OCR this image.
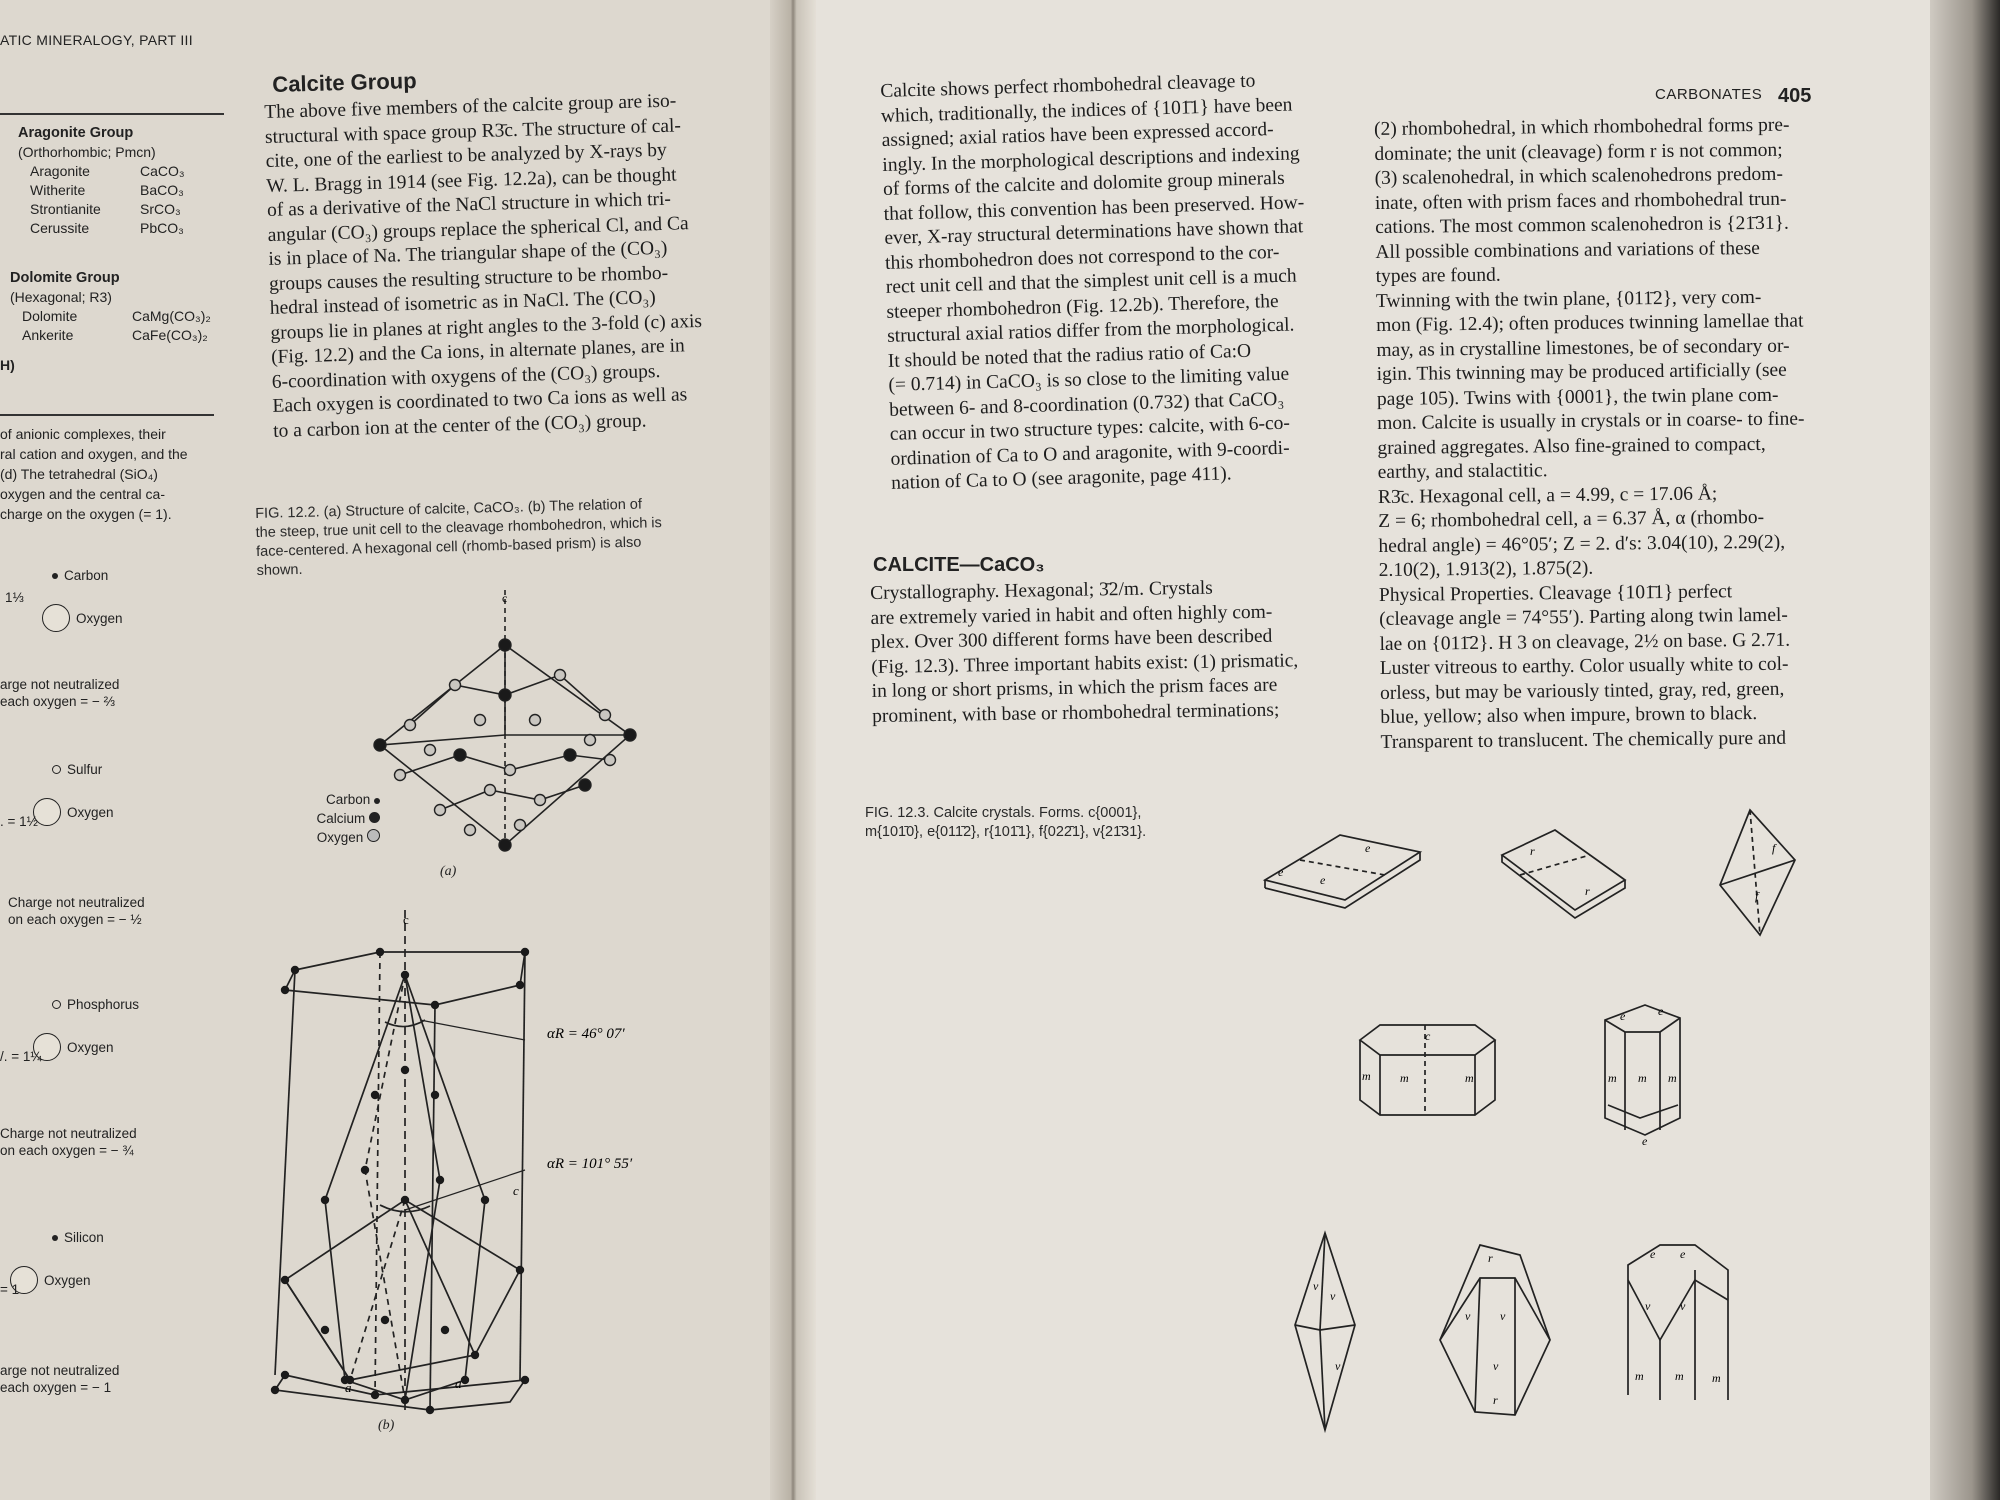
ATIC MINERALOGY, PART III
Aragonite Group
(Orthorhombic; Pmcn)
Aragonite	CaCO₃
Witherite	BaCO₃
Strontianite	SrCO₃
Cerussite	PbCO₃
Dolomite Group
(Hexagonal; R3)
Dolomite	CaMg(CO₃)₂
Ankerite	CaFe(CO₃)₂
H)
of anionic complexes, their
ral cation and oxygen, and the
(d) The tetrahedral (SiO₄)
oxygen and the central ca-
charge on the oxygen (= 1).
Carbon
Oxygen
1⅓
arge not neutralized
each oxygen = − ⅔
Sulfur
Oxygen
. = 1½
Charge not neutralized
on each oxygen = − ½
Phosphorus
Oxygen
/. = 1¼
Charge not neutralized
on each oxygen = − ¾
Silicon
Oxygen
= 1
arge not neutralized
each oxygen = − 1
Calcite Group
The above five members of the calcite group are iso-
structural with space group R3̄c. The structure of cal-
cite, one of the earliest to be analyzed by X-rays by
W. L. Bragg in 1914 (see Fig. 12.2a), can be thought
of as a derivative of the NaCl structure in which tri-
angular (CO₃) groups replace the spherical Cl, and Ca
is in place of Na. The triangular shape of the (CO₃)
groups causes the resulting structure to be rhombo-
hedral instead of isometric as in NaCl. The (CO₃)
groups lie in planes at right angles to the 3-fold (c) axis
(Fig. 12.2) and the Ca ions, in alternate planes, are in
6-coordination with oxygens of the (CO₃) groups.
Each oxygen is coordinated to two Ca ions as well as
to a carbon ion at the center of the (CO₃) group.
FIG. 12.2. (a) Structure of calcite, CaCO₃. (b) The relation of
the steep, true unit cell to the cleavage rhombohedron, which is
face-centered. A hexagonal cell (rhomb-based prism) is also
shown.
Carbon
Calcium
Oxygen
c
(a)
c
c
a	a
αR = 46° 07′
αR = 101° 55′
(b)
CARBONATES 405
Calcite shows perfect rhombohedral cleavage to
which, traditionally, the indices of {101̄1} have been
assigned; axial ratios have been expressed accord-
ingly. In the morphological descriptions and indexing
of forms of the calcite and dolomite group minerals
that follow, this convention has been preserved. How-
ever, X-ray structural determinations have shown that
this rhombohedron does not correspond to the cor-
rect unit cell and that the simplest unit cell is a much
steeper rhombohedron (Fig. 12.2b). Therefore, the
structural axial ratios differ from the morphological.
It should be noted that the radius ratio of Ca:O
(= 0.714) in CaCO₃ is so close to the limiting value
between 6- and 8-coordination (0.732) that CaCO₃
can occur in two structure types: calcite, with 6-co-
ordination of Ca to O and aragonite, with 9-coordi-
nation of Ca to O (see aragonite, page 411).
CALCITE—CaCO₃
Crystallography. Hexagonal; 3̄2/m. Crystals
are extremely varied in habit and often highly com-
plex. Over 300 different forms have been described
(Fig. 12.3). Three important habits exist: (1) prismatic,
in long or short prisms, in which the prism faces are
prominent, with base or rhombohedral terminations;
(2) rhombohedral, in which rhombohedral forms pre-
dominate; the unit (cleavage) form r is not common;
(3) scalenohedral, in which scalenohedrons predom-
inate, often with prism faces and rhombohedral trun-
cations. The most common scalenohedron is {21̄31}.
All possible combinations and variations of these
types are found.
Twinning with the twin plane, {011̄2}, very com-
mon (Fig. 12.4); often produces twinning lamellae that
may, as in crystalline limestones, be of secondary or-
igin. This twinning may be produced artificially (see
page 105). Twins with {0001}, the twin plane com-
mon. Calcite is usually in crystals or in coarse- to fine-
grained aggregates. Also fine-grained to compact,
earthy, and stalactitic.
R3̄c. Hexagonal cell, a = 4.99, c = 17.06 Å;
Z = 6; rhombohedral cell, a = 6.37 Å, α (rhombo-
hedral angle) = 46°05′; Z = 2. d′s: 3.04(10), 2.29(2),
2.10(2), 1.913(2), 1.875(2).
Physical Properties. Cleavage {101̄1} perfect
(cleavage angle = 74°55′). Parting along twin lamel-
lae on {011̄2}. H 3 on cleavage, 2½ on base. G 2.71.
Luster vitreous to earthy. Color usually white to col-
orless, but may be variously tinted, gray, red, green,
blue, yellow; also when impure, brown to black.
Transparent to translucent. The chemically pure and
FIG. 12.3. Calcite crystals. Forms. c{0001},
m{101̄0}, e{011̄2}, r{101̄1}, f{022̄1}, v{21̄31}.
e
e
e
r
r
f
f
c
m m	m
e	e
m m m
e
v
v
v
r
v v
v
r
e e
v v
m	m m
